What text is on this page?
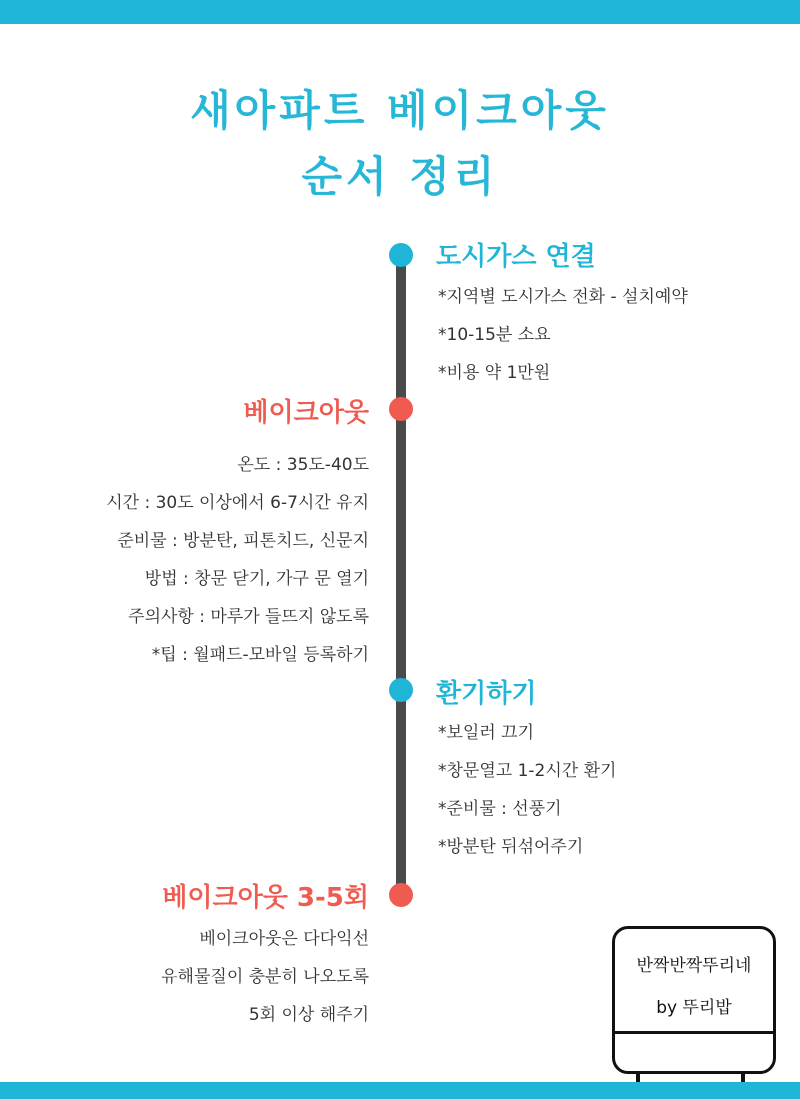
새아파트 베이크아웃
순서 정리
도시가스 연결
*지역별 도시가스 전화 - 설치예약
*10-15분 소요
*비용 약 1만원
베이크아웃
온도 : 35도-40도
시간 : 30도 이상에서 6-7시간 유지
준비물 : 방분탄, 피톤치드, 신문지
방법 : 창문 닫기, 가구 문 열기
주의사항 : 마루가 들뜨지 않도록
*팁 : 월패드-모바일 등록하기
환기하기
*보일러 끄기
*창문열고 1-2시간 환기
*준비물 : 선풍기
*방분탄 뒤섞어주기
베이크아웃 3-5회
베이크아웃은 다다익선
유해물질이 충분히 나오도록
5회 이상 해주기
반짝반짝뚜리네
by 뚜리밥
